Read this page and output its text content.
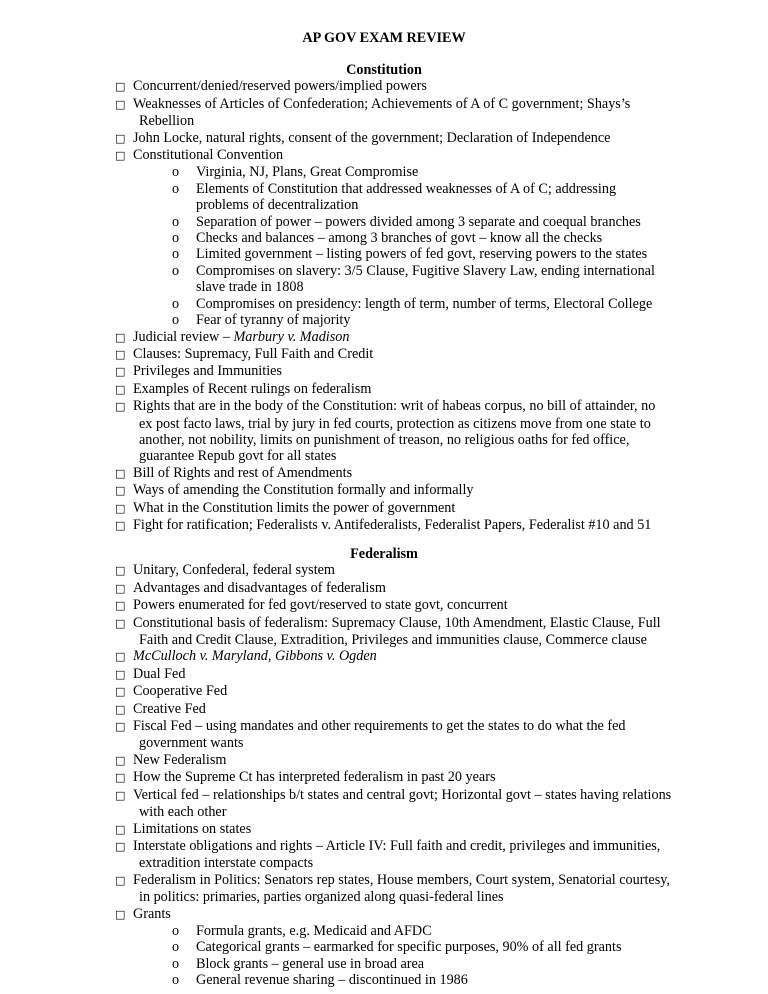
AP GOV EXAM REVIEW
Constitution
□ Concurrent/denied/reserved powers/implied powers
□ Weaknesses of Articles of Confederation; Achievements of A of C government; Shays’s Rebellion
□ John Locke, natural rights, consent of the government; Declaration of Independence
□ Constitutional Convention
o Virginia, NJ, Plans, Great Compromise
o Elements of Constitution that addressed weaknesses of A of C; addressing problems of decentralization
o Separation of power – powers divided among 3 separate and coequal branches
o Checks and balances – among 3 branches of govt – know all the checks
o Limited government – listing powers of fed govt, reserving powers to the states
o Compromises on slavery: 3/5 Clause, Fugitive Slavery Law, ending international slave trade in 1808
o Compromises on presidency: length of term, number of terms, Electoral College
o Fear of tyranny of majority
□ Judicial review – Marbury v. Madison
□ Clauses: Supremacy, Full Faith and Credit
□ Privileges and Immunities
□ Examples of Recent rulings on federalism
□ Rights that are in the body of the Constitution: writ of habeas corpus, no bill of attainder, no ex post facto laws, trial by jury in fed courts, protection as citizens move from one state to another, not nobility, limits on punishment of treason, no religious oaths for fed office, guarantee Repub govt for all states
□ Bill of Rights and rest of Amendments
□ Ways of amending the Constitution formally and informally
□ What in the Constitution limits the power of government
□ Fight for ratification; Federalists v. Antifederalists, Federalist Papers, Federalist #10 and 51
Federalism
□ Unitary, Confederal, federal system
□ Advantages and disadvantages of federalism
□ Powers enumerated for fed govt/reserved to state govt, concurrent
□ Constitutional basis of federalism: Supremacy Clause, 10th Amendment, Elastic Clause, Full Faith and Credit Clause, Extradition, Privileges and immunities clause, Commerce clause
□ McCulloch v. Maryland, Gibbons v. Ogden
□ Dual Fed
□ Cooperative Fed
□ Creative Fed
□ Fiscal Fed – using mandates and other requirements to get the states to do what the fed government wants
□ New Federalism
□ How the Supreme Ct has interpreted federalism in past 20 years
□ Vertical fed – relationships b/t states and central govt; Horizontal govt – states having relations with each other
□ Limitations on states
□ Interstate obligations and rights – Article IV: Full faith and credit, privileges and immunities, extradition interstate compacts
□ Federalism in Politics: Senators rep states, House members, Court system, Senatorial courtesy, in politics: primaries, parties organized along quasi-federal lines
□ Grants
o Formula grants, e.g. Medicaid and AFDC
o Categorical grants – earmarked for specific purposes, 90% of all fed grants
o Block grants – general use in broad area
o General revenue sharing – discontinued in 1986
